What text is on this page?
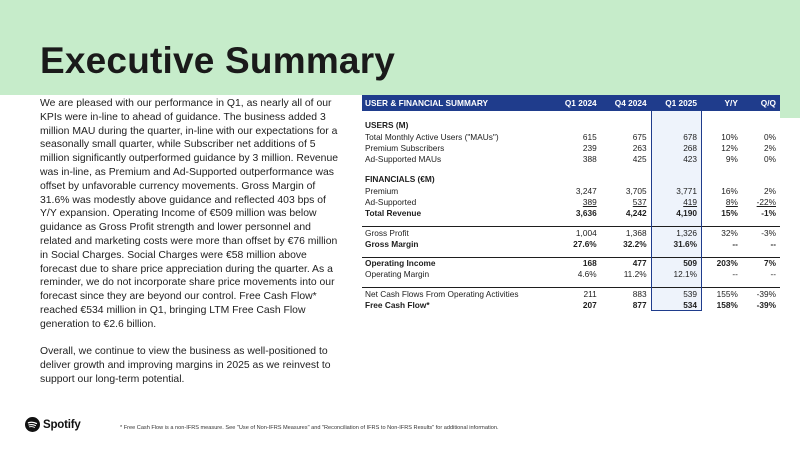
Executive Summary

We are pleased with our performance in Q1, as nearly all of our KPIs were in-line to ahead of guidance. The business added 3 million MAU during the quarter, in-line with our expectations for a seasonally small quarter, while Subscriber net additions of 5 million significantly outperformed guidance by 3 million. Revenue was in-line, as Premium and Ad-Supported outperformance was offset by unfavorable currency movements. Gross Margin of 31.6% was modestly above guidance and reflected 403 bps of Y/Y expansion. Operating Income of €509 million was below guidance as Gross Profit strength and lower personnel and related and marketing costs were more than offset by €76 million in Social Charges. Social Charges were €58 million above forecast due to share price appreciation during the quarter. As a reminder, we do not incorporate share price movements into our forecast since they are beyond our control. Free Cash Flow* reached €534 million in Q1, bringing LTM Free Cash Flow generation to €2.6 billion.

Overall, we continue to view the business as well-positioned to deliver growth and improving margins in 2025 as we reinvest to support our long-term potential.

USER & FINANCIAL SUMMARY	Q1 2024	Q4 2024	Q1 2025	Y/Y	Q/Q

USERS (M)					
Total Monthly Active Users ("MAUs")	615	675	678	10%	0%
Premium Subscribers	239	263	268	12%	2%
Ad-Supported MAUs	388	425	423	9%	0%

FINANCIALS (€M)					
Premium	3,247	3,705	3,771	16%	2%
Ad-Supported	389	537	419	8%	-22%
Total Revenue	3,636	4,242	4,190	15%	-1%

Gross Profit	1,004	1,368	1,326	32%	-3%
Gross Margin	27.6%	32.2%	31.6%	--	--

Operating Income	168	477	509	203%	7%
Operating Margin	4.6%	11.2%	12.1%	--	--

Net Cash Flows From Operating Activities	211	883	539	155%	-39%
Free Cash Flow*	207	877	534	158%	-39%
Spotify	* Free Cash Flow is a non-IFRS measure. See "Use of Non-IFRS Measures" and "Reconciliation of IFRS to Non-IFRS Results" for additional information.
